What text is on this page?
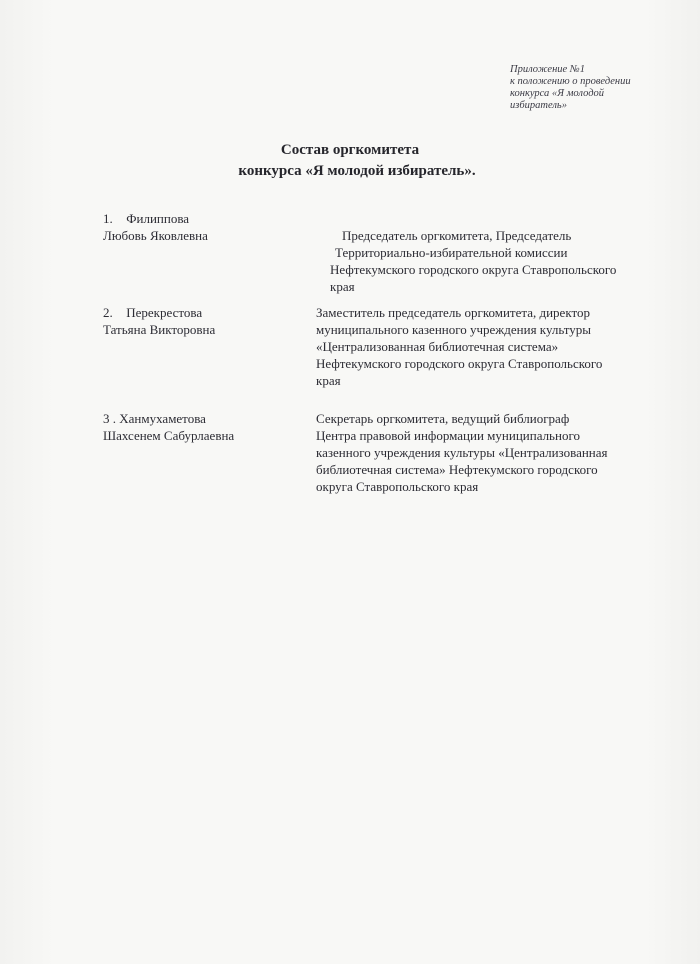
Приложение №1
к положению о проведении
конкурса «Я молодой
избиратель»
Состав оргкомитета
конкурса «Я молодой избиратель».
1. Филиппова
Любовь Яковлевна	Председатель оргкомитета, Председатель
Территориально-избирательной комиссии
Нефтекумского городского округа Ставропольского
края
2. Перекрестова
Татьяна Викторовна
Заместитель председатель оргкомитета, директор
муниципального казенного учреждения культуры
«Централизованная библиотечная система»
Нефтекумского городского округа Ставропольского
края
3 . Ханмухаметова
Шахсенем Сабурлаевна
Секретарь оргкомитета, ведущий библиограф
Центра правовой информации муниципального
казенного учреждения культуры «Централизованная
библиотечная система» Нефтекумского городского
округа Ставропольского края
